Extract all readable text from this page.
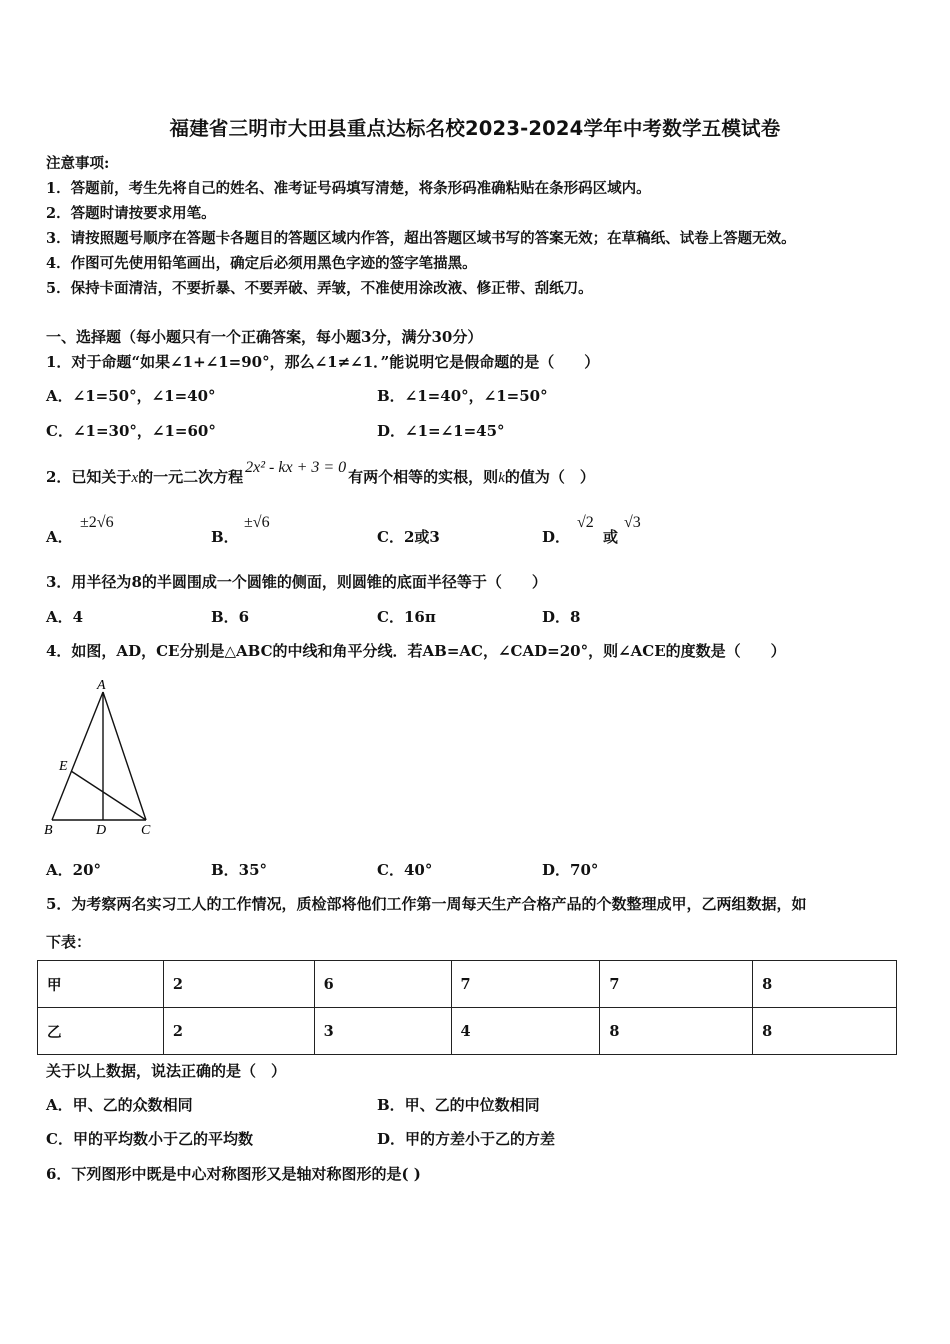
福建省三明市大田县重点达标名校2023-2024学年中考数学五模试卷
注意事项:
1．答题前，考生先将自己的姓名、准考证号码填写清楚，将条形码准确粘贴在条形码区域内。
2．答题时请按要求用笔。
3．请按照题号顺序在答题卡各题目的答题区域内作答，超出答题区域书写的答案无效；在草稿纸、试卷上答题无效。
4．作图可先使用铅笔画出，确定后必须用黑色字迹的签字笔描黑。
5．保持卡面清洁，不要折暴、不要弄破、弄皱，不准使用涂改液、修正带、刮纸刀。
一、选择题（每小题只有一个正确答案，每小题3分，满分30分）
1．对于命题“如果∠1+∠1=90°，那么∠1≠∠1．”能说明它是假命题的是（　　）
A．∠1=50°，∠1=40°	B．∠1=40°，∠1=50°
C．∠1=30°，∠1=60°	D．∠1=∠1=45°
2．已知关于x的一元二次方程2x² - kx + 3 = 0有两个相等的实根，则k的值为（　）
A．
±2√6
B．
±√6
C．2或3	D．
√2
或
√3
3．用半径为8的半圆围成一个圆锥的侧面，则圆锥的底面半径等于（　　）
A．4	B．6	C．16π	D．8
4．如图，AD，CE分别是△ABC的中线和角平分线．若AB=AC，∠CAD=20°，则∠ACE的度数是（　　）
A
B	D C
E
A．20°	B．35°	C．40°	D．70°
5．为考察两名实习工人的工作情况，质检部将他们工作第一周每天生产合格产品的个数整理成甲，乙两组数据，如
下表：
甲	2	6	7	7	8
乙	2	3	4	8	8
关于以上数据，说法正确的是（　）
A．甲、乙的众数相同	B．甲、乙的中位数相同
C．甲的平均数小于乙的平均数	D．甲的方差小于乙的方差
6．下列图形中既是中心对称图形又是轴对称图形的是( )
